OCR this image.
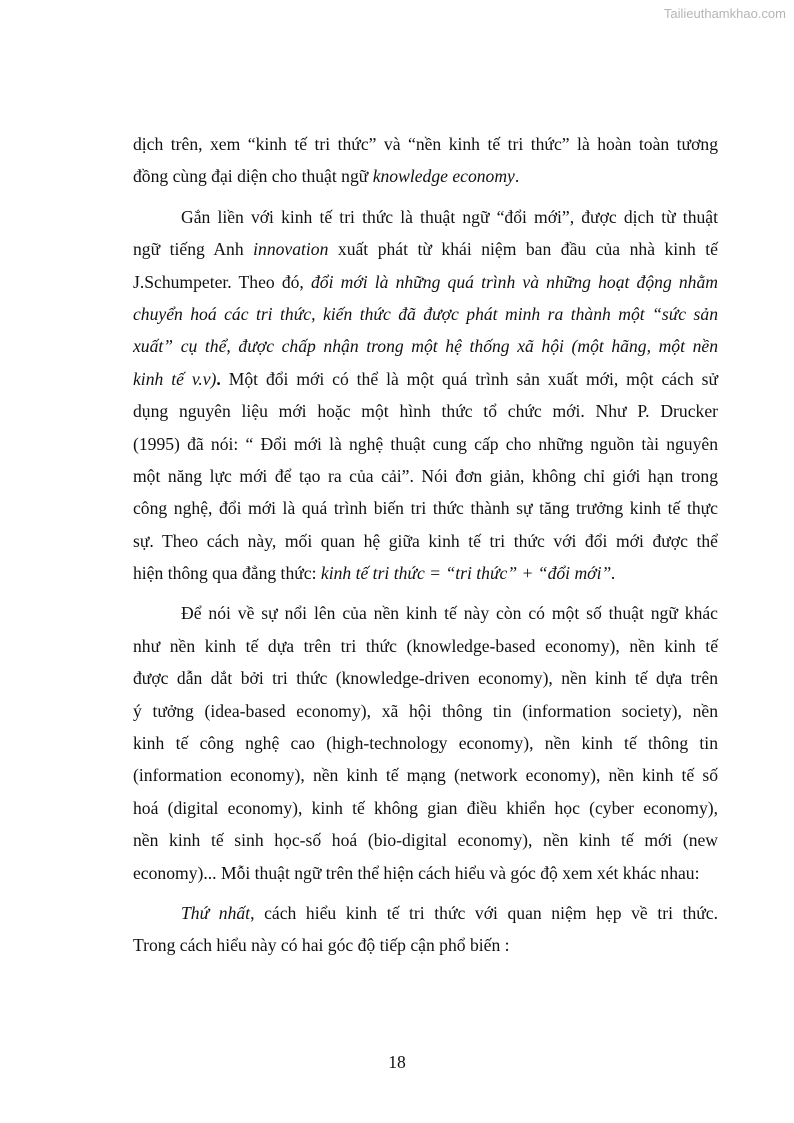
Tailieuthamkhao.com
dịch trên, xem “kinh tế tri thức” và “nền kinh tế tri thức” là hoàn toàn tương
đồng cùng đại diện cho thuật ngữ knowledge economy.
Gắn liền với kinh tế tri thức là thuật ngữ “đổi mới”, được dịch từ thuật
ngữ tiếng Anh innovation xuất phát từ khái niệm ban đầu của nhà kinh tế
J.Schumpeter. Theo đó, đổi mới là những quá trình và những hoạt động nhằm
chuyển hoá các tri thức, kiến thức đã được phát minh ra thành một “sức sản
xuất” cụ thể, được chấp nhận trong một hệ thống xã hội (một hãng, một nền
kinh tế v.v). Một đổi mới có thể là một quá trình sản xuất mới, một cách sử
dụng nguyên liệu mới hoặc một hình thức tổ chức mới. Như P. Drucker
(1995) đã nói: “ Đổi mới là nghệ thuật cung cấp cho những nguồn tài nguyên
một năng lực mới để tạo ra của cải”. Nói đơn giản, không chỉ giới hạn trong
công nghệ, đổi mới là quá trình biến tri thức thành sự tăng trưởng kinh tế thực
sự. Theo cách này, mối quan hệ giữa kinh tế tri thức với đổi mới được thể
hiện thông qua đẳng thức: kinh tế tri thức = “tri thức” + “đổi mới”.
Để nói về sự nổi lên của nền kinh tế này còn có một số thuật ngữ khác
như nền kinh tế dựa trên tri thức (knowledge-based economy), nền kinh tế
được dẫn dắt bởi tri thức (knowledge-driven economy), nền kinh tế dựa trên
ý tưởng (idea-based economy), xã hội thông tin (information society), nền
kinh tế công nghệ cao (high-technology economy), nền kinh tế thông tin
(information economy), nền kinh tế mạng (network economy), nền kinh tế số
hoá (digital economy), kinh tế không gian điều khiển học (cyber economy),
nền kinh tế sinh học-số hoá (bio-digital economy), nền kinh tế mới (new
economy)... Mỗi thuật ngữ trên thể hiện cách hiểu và góc độ xem xét khác nhau:
Thứ nhất, cách hiểu kinh tế tri thức với quan niệm hẹp về tri thức.
Trong cách hiểu này có hai góc độ tiếp cận phổ biến :
18
